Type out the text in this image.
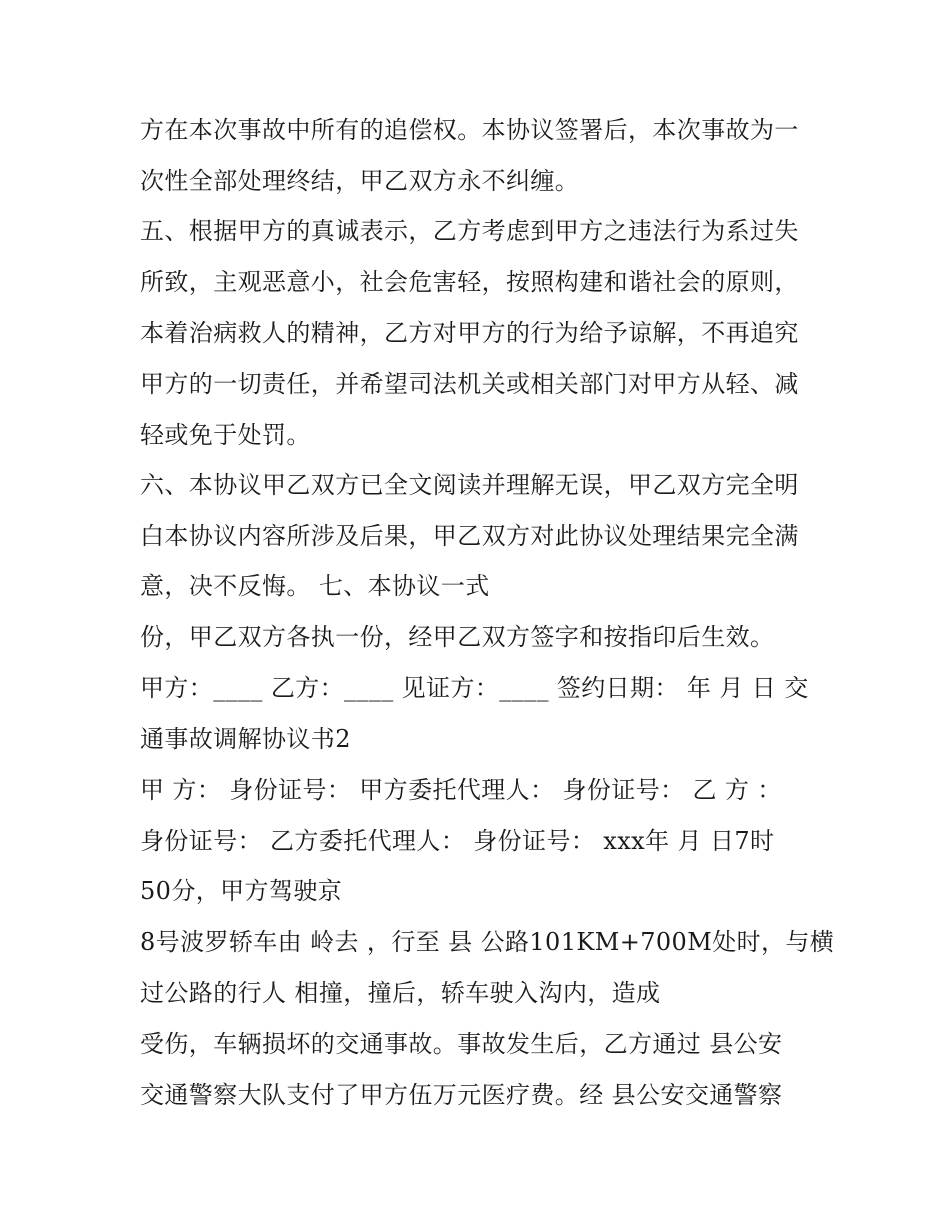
方在本次事故中所有的追偿权。本协议签署后，本次事故为一
次性全部处理终结，甲乙双方永不纠缠。
五、根据甲方的真诚表示，乙方考虑到甲方之违法行为系过失
所致，主观恶意小，社会危害轻，按照构建和谐社会的原则，
本着治病救人的精神，乙方对甲方的行为给予谅解，不再追究
甲方的一切责任，并希望司法机关或相关部门对甲方从轻、减
轻或免于处罚。
六、本协议甲乙双方已全文阅读并理解无误，甲乙双方完全明
白本协议内容所涉及后果，甲乙双方对此协议处理结果完全满
意，决不反悔。 七、本协议一式
份，甲乙双方各执一份，经甲乙双方签字和按指印后生效。
甲方：____ 乙方：____ 见证方：____ 签约日期： 年 月 日 交
通事故调解协议书2
甲 方： 身份证号： 甲方委托代理人： 身份证号： 乙 方 ：
身份证号： 乙方委托代理人： 身份证号： xxx年 月 日7时
50分，甲方驾驶京
8号波罗轿车由 岭去 ，行至 县 公路101KM+700M处时，与横
过公路的行人 相撞，撞后，轿车驶入沟内，造成
受伤，车辆损坏的交通事故。事故发生后，乙方通过 县公安
交通警察大队支付了甲方伍万元医疗费。经 县公安交通警察
